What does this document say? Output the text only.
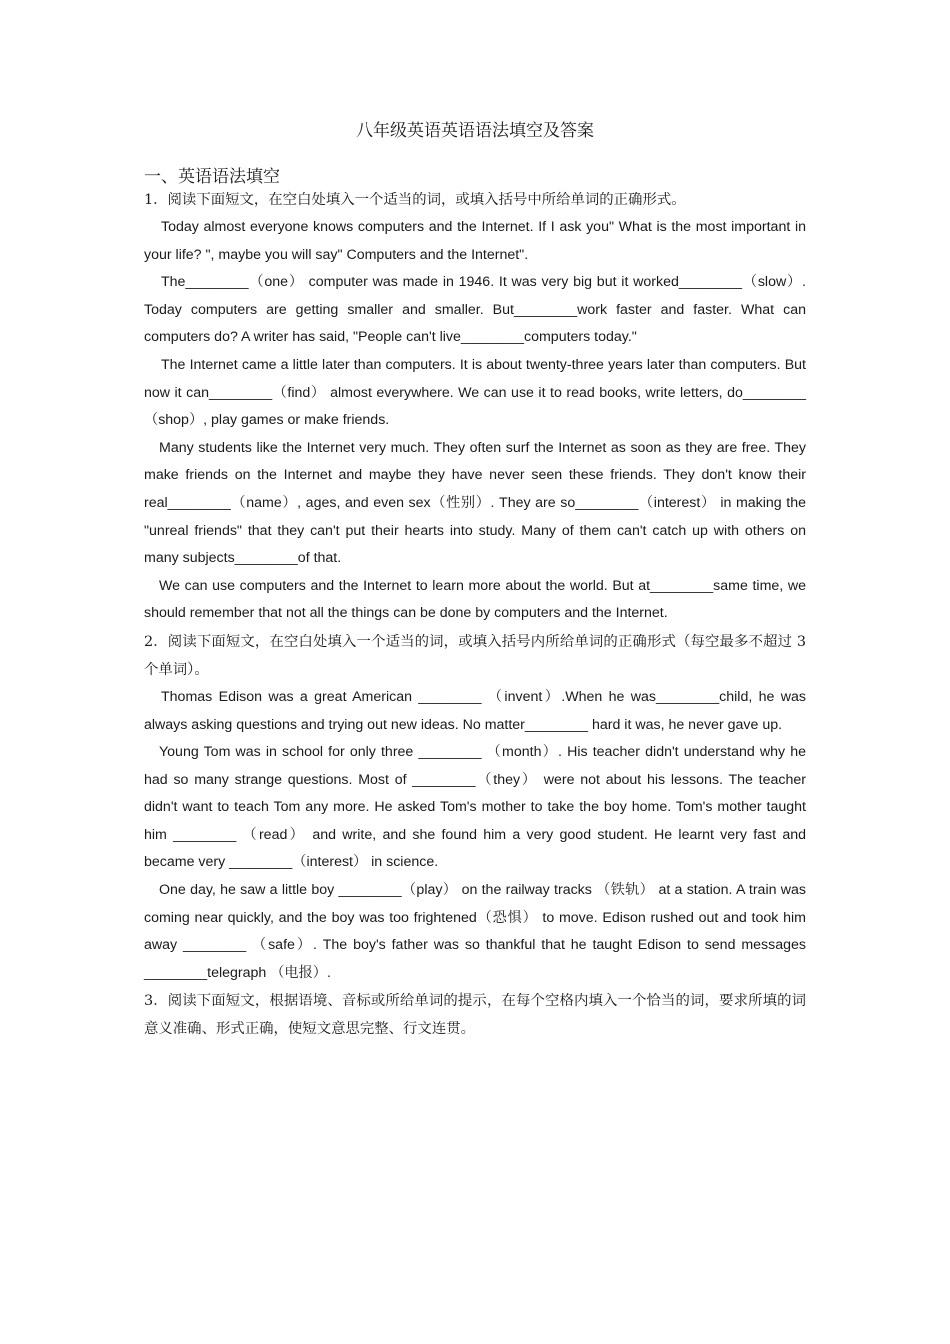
八年级英语英语语法填空及答案
一、英语语法填空
1．阅读下面短文，在空白处填入一个适当的词，或填入括号中所给单词的正确形式。

Today almost everyone knows computers and the Internet. If I ask you" What is the most important in your life? ", maybe you will say" Computers and the Internet".

The________（one） computer was made in 1946. It was very big but it worked________（slow）. Today computers are getting smaller and smaller. But________work faster and faster. What can computers do? A writer has said, "People can't live________computers today."

The Internet came a little later than computers. It is about twenty-three years later than computers. But now it can________（find） almost everywhere. We can use it to read books, write letters, do________（shop）, play games or make friends.

Many students like the Internet very much. They often surf the Internet as soon as they are free. They make friends on the Internet and maybe they have never seen these friends. They don't know their real________（name）, ages, and even sex（性别）. They are so________（interest） in making the "unreal friends" that they can't put their hearts into study. Many of them can't catch up with others on many subjects________of that.

We can use computers and the Internet to learn more about the world. But at________same time, we should remember that not all the things can be done by computers and the Internet.

2．阅读下面短文，在空白处填入一个适当的词，或填入括号内所给单词的正确形式（每空最多不超过 3 个单词）。

Thomas Edison was a great American ________ （invent）.When he was________child, he was always asking questions and trying out new ideas. No matter________ hard it was, he never gave up.

Young Tom was in school for only three ________ （month）. His teacher didn't understand why he had so many strange questions. Most of ________（they） were not about his lessons. The teacher didn't want to teach Tom any more. He asked Tom's mother to take the boy home. Tom's mother taught him ________ （read） and write, and she found him a very good student. He learnt very fast and became very ________（interest） in science.

One day, he saw a little boy ________（play） on the railway tracks （铁轨） at a station. A train was coming near quickly, and the boy was too frightened（恐惧） to move. Edison rushed out and took him away ________ （safe）. The boy's father was so thankful that he taught Edison to send messages ________telegraph （电报）.

3．阅读下面短文，根据语境、音标或所给单词的提示，在每个空格内填入一个恰当的词，要求所填的词意义准确、形式正确，使短文意思完整、行文连贯。
